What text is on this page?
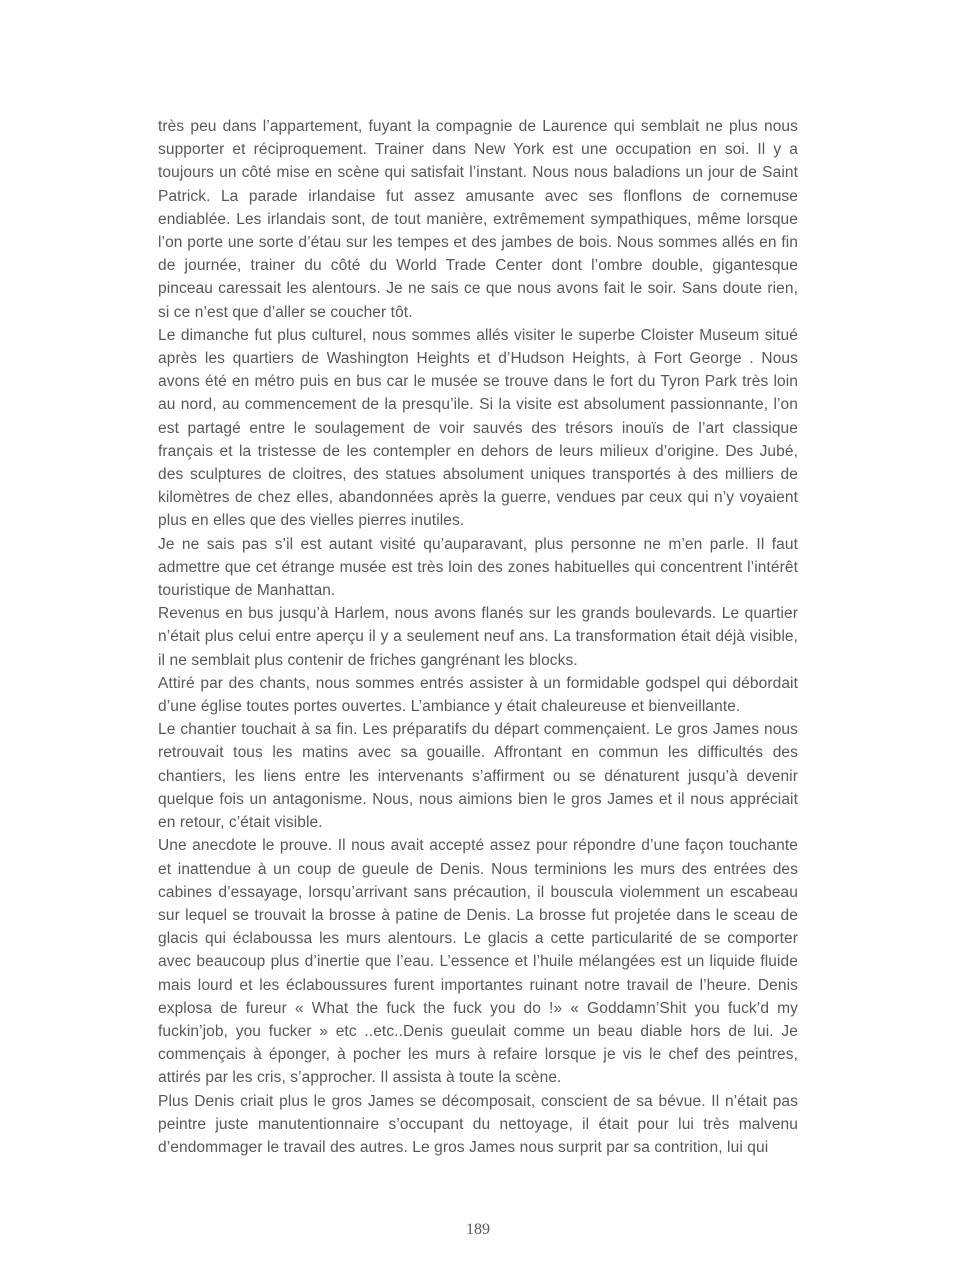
très peu dans l’appartement, fuyant la compagnie de Laurence qui semblait ne plus nous supporter et réciproquement. Trainer dans New York est une occupation en soi. Il y a toujours un côté mise en scène qui satisfait l’instant. Nous nous baladions un jour de Saint Patrick. La parade irlandaise fut assez amusante avec ses flonflons de cornemuse endiablée. Les irlandais sont, de tout manière, extrêmement sympathiques, même lorsque l’on porte une sorte d’étau sur les tempes et des jambes de bois. Nous sommes allés en fin de journée, trainer du côté du World Trade Center dont l’ombre double, gigantesque pinceau caressait les alentours. Je ne sais ce que nous avons fait le soir. Sans doute rien, si ce n’est que d’aller se coucher tôt.

Le dimanche fut plus culturel, nous sommes allés visiter le superbe Cloister Museum situé après les quartiers de Washington Heights et d’Hudson Heights, à Fort George . Nous avons été en métro puis en bus car le musée se trouve dans le fort du Tyron Park très loin au nord, au commencement de la presqu’ile. Si la visite est absolument passionnante, l’on est partagé entre le soulagement de voir sauvés des trésors inouïs de l’art classique français et la tristesse de les contempler en dehors de leurs milieux d’origine. Des Jubé, des sculptures de cloitres, des statues absolument uniques transportés à des milliers de kilomètres de chez elles, abandonnées après la guerre, vendues par ceux qui n’y voyaient plus en elles que des vielles pierres inutiles.

Je ne sais pas s’il est autant visité qu’auparavant, plus personne ne m’en parle. Il faut admettre que cet étrange musée est très loin des zones habituelles qui concentrent l’intérêt touristique de Manhattan.

Revenus en bus jusqu’à Harlem, nous avons flanés sur les grands boulevards. Le quartier n’était plus celui entre aperçu il y a seulement neuf ans. La transformation était déjà visible, il ne semblait plus contenir de friches gangrénant les blocks.

Attiré par des chants, nous sommes entrés assister à un formidable godspel qui débordait d’une église toutes portes ouvertes. L’ambiance y était chaleureuse et bienveillante.

Le chantier touchait à sa fin. Les préparatifs du départ commençaient. Le gros James nous retrouvait tous les matins avec sa gouaille. Affrontant en commun les difficultés des chantiers, les liens entre les intervenants s’affirment ou se dénaturent jusqu’à devenir quelque fois un antagonisme. Nous, nous aimions bien le gros James et il nous appréciait en retour, c’était visible.

Une anecdote le prouve. Il nous avait accepté assez pour répondre d’une façon touchante et inattendue à un coup de gueule de Denis. Nous terminions les murs des entrées des cabines d’essayage, lorsqu’arrivant sans précaution, il bouscula violemment un escabeau sur lequel se trouvait la brosse à patine de Denis. La brosse fut projetée dans le sceau de glacis qui éclaboussa les murs alentours. Le glacis a cette particularité de se comporter avec beaucoup plus d’inertie que l’eau. L’essence et l’huile mélangées est un liquide fluide mais lourd et les éclaboussures furent importantes ruinant notre travail de l’heure. Denis explosa de fureur « What the fuck the fuck you do !» « Goddamn’Shit you fuck’d my fuckin’job, you fucker » etc ..etc..Denis gueulait comme un beau diable hors de lui. Je commençais à éponger, à pocher les murs à refaire lorsque je vis le chef des peintres, attirés par les cris, s’approcher. Il assista à toute la scène.

Plus Denis criait plus le gros James se décomposait, conscient de sa bévue. Il n’était pas peintre juste manutentionnaire s’occupant du nettoyage, il était pour lui très malvenu d’endommager le travail des autres. Le gros James nous surprit par sa contrition, lui qui

189
